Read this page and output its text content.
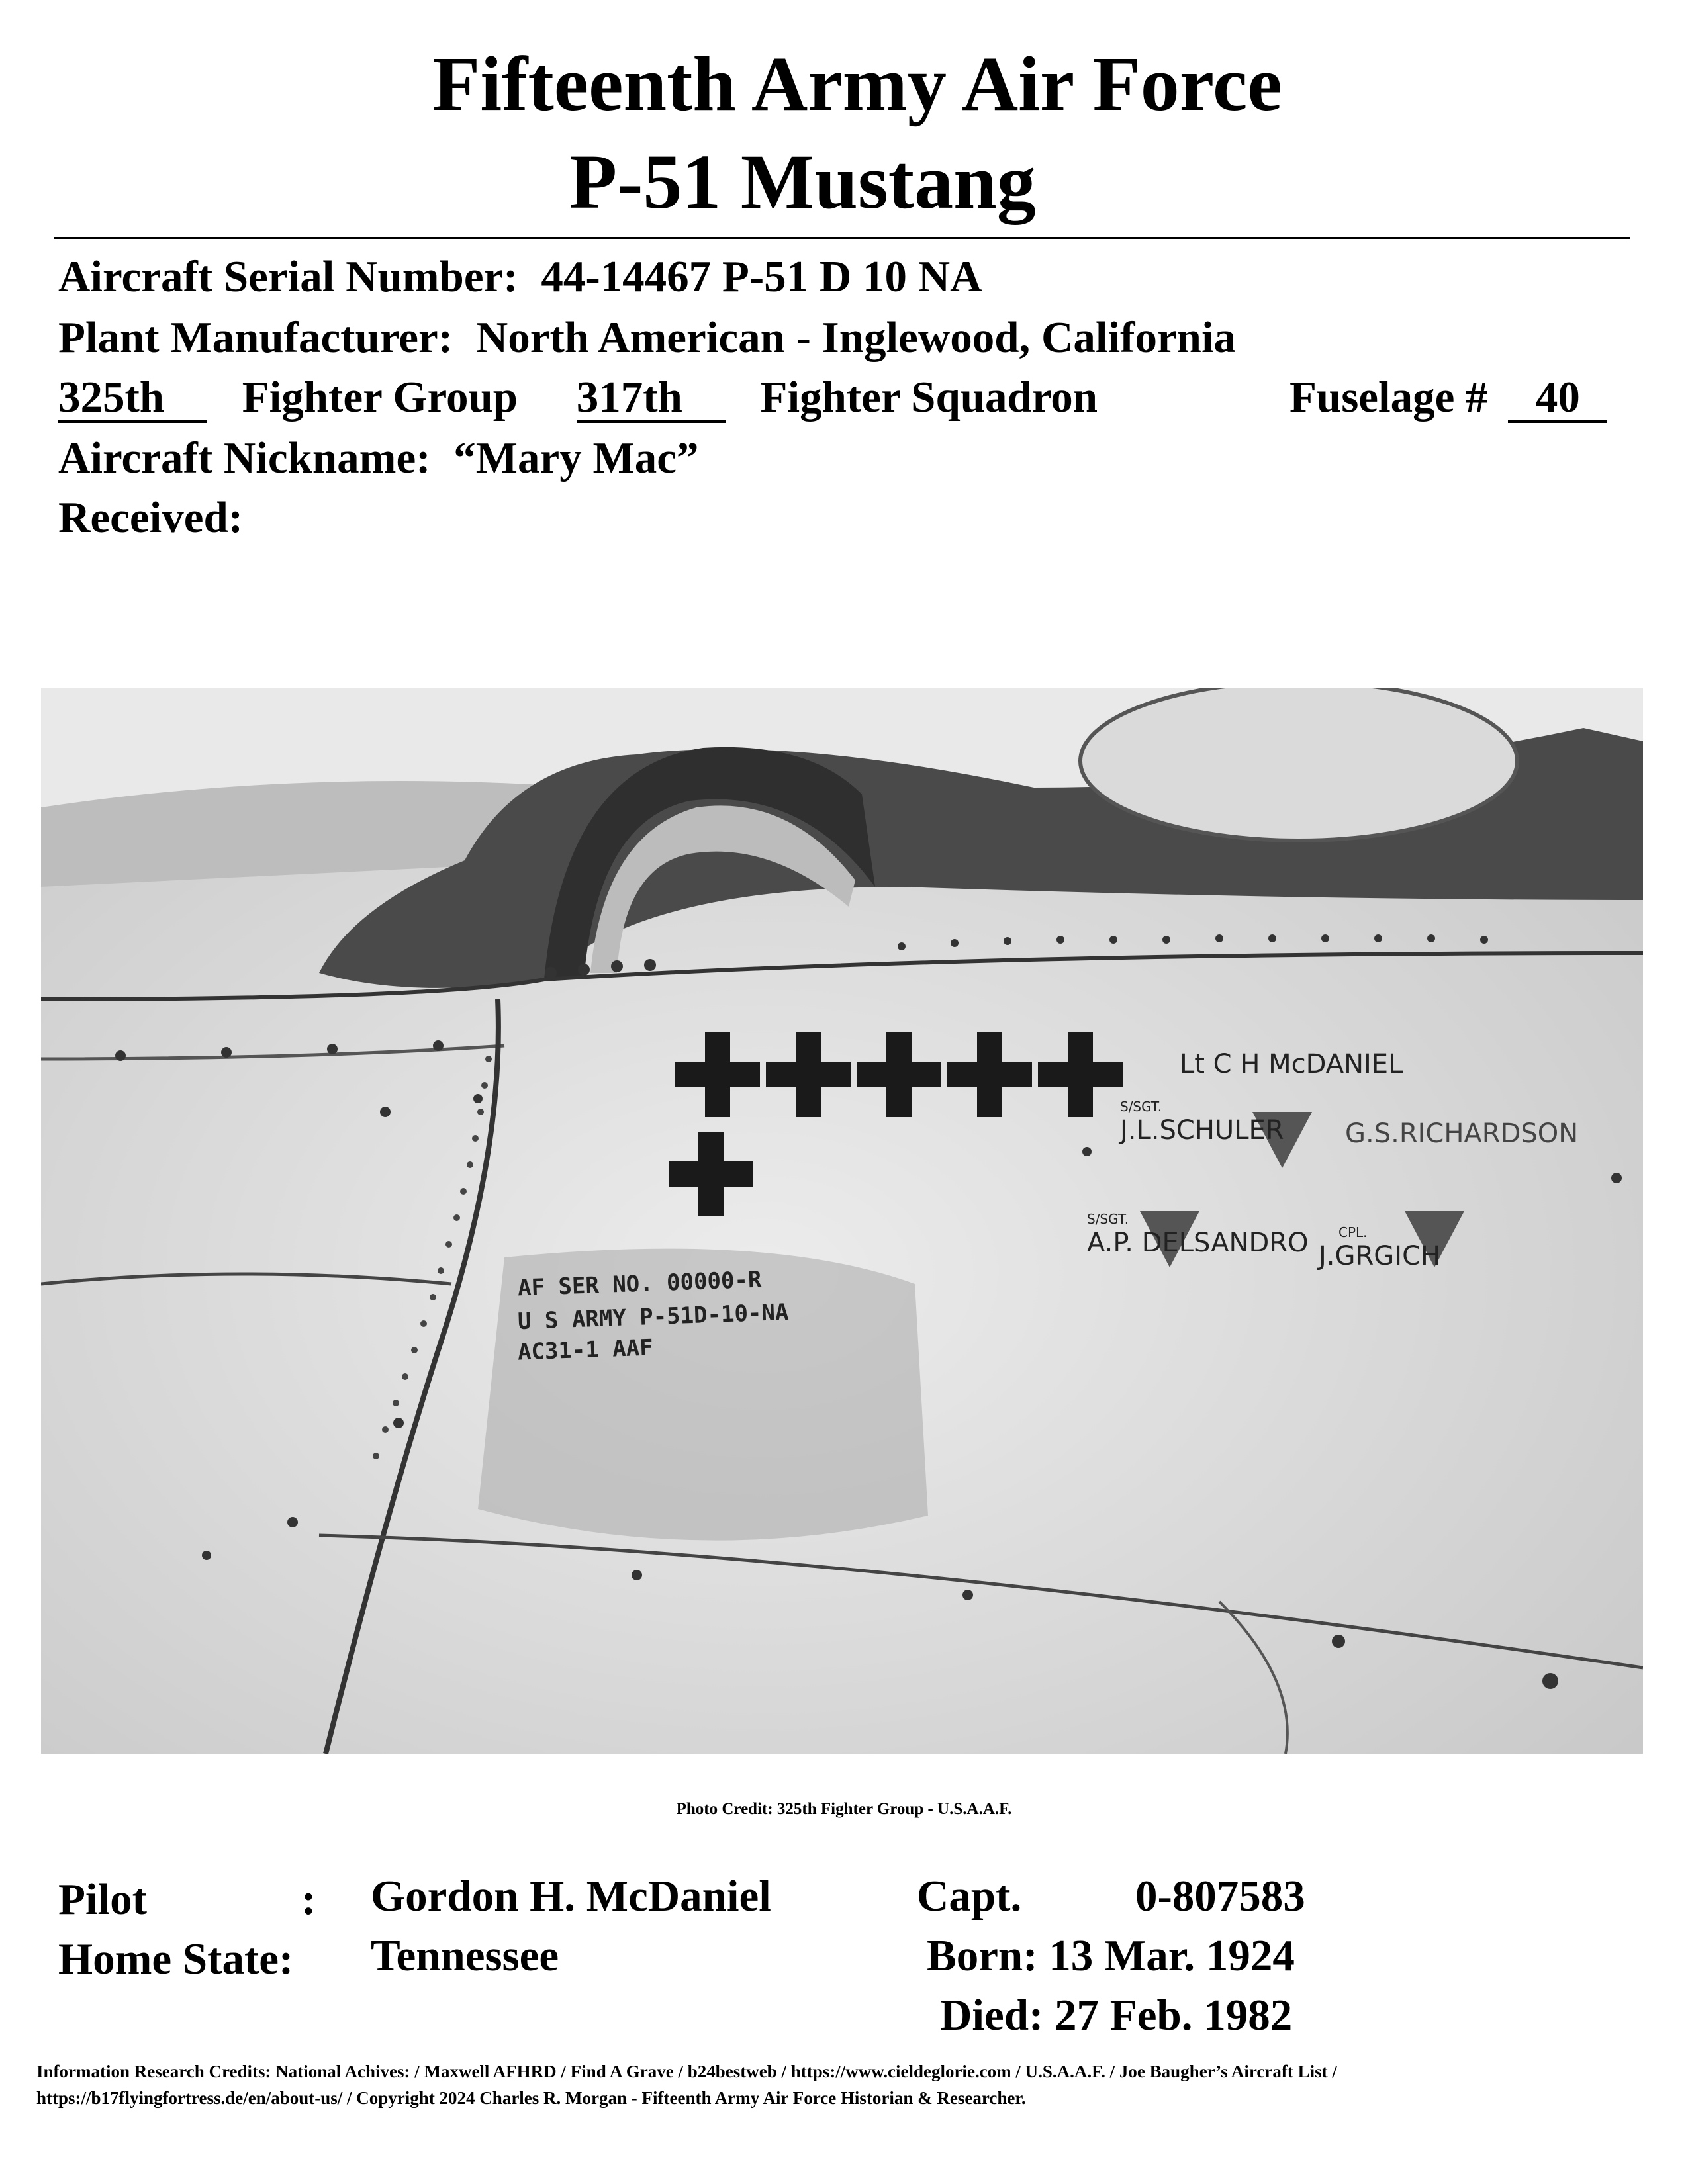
Fifteenth Army Air Force
P-51 Mustang
Aircraft Serial Number: 44-14467 P-51 D 10 NA
Plant Manufacturer: North American - Inglewood, California
325th Fighter Group 317th Fighter Squadron	Fuselage # 40
Aircraft Nickname: “Mary Mac”
Received:
Lt C H McDANIEL
S/SGT.
J.L.SCHULER G.S.RICHARDSON
S/SGT.
A.P. DELSANDRO CPL.
J.GRGICH
AF SER NO. 00000-R
U S ARMY P-51D-10-NA
AC31-1 AAF
Photo Credit: 325th Fighter Group - U.S.A.A.F.
Pilot	: Gordon H. McDaniel	Capt.	0-807583
Home State: Tennessee	Born: 13 Mar. 1924
Died: 27 Feb. 1982
Information Research Credits: National Achives: / Maxwell AFHRD / Find A Grave / b24bestweb / https://www.cieldeglorie.com / U.S.A.A.F. / Joe Baugher’s Aircraft List /
https://b17flyingfortress.de/en/about-us/ / Copyright 2024 Charles R. Morgan - Fifteenth Army Air Force Historian & Researcher.
